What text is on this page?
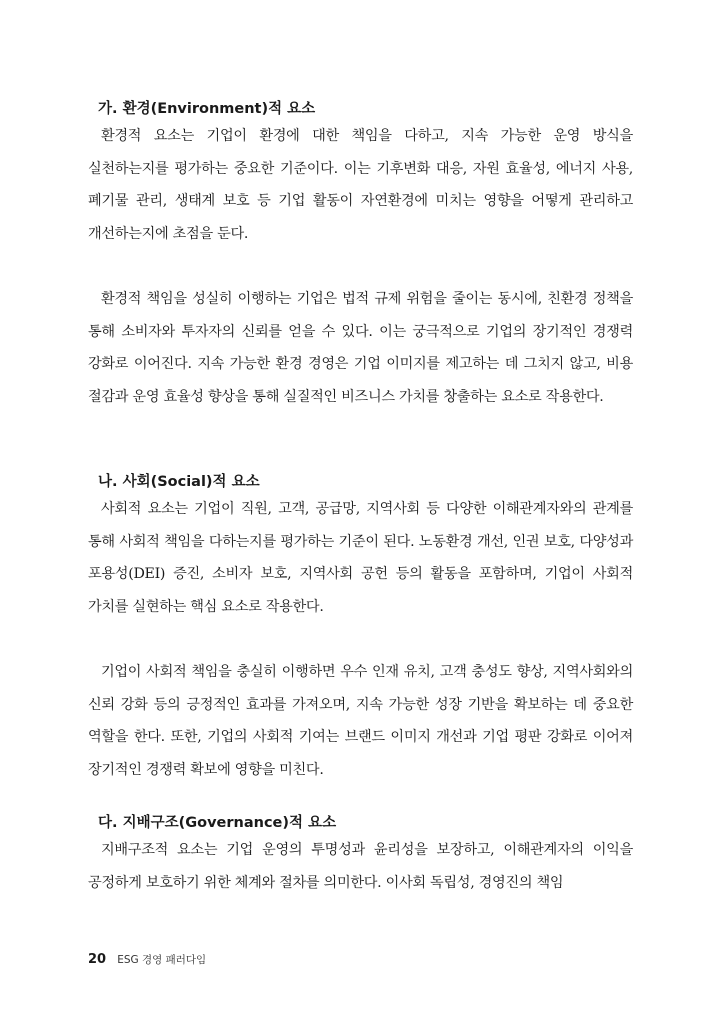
가. 환경(Environment)적 요소

환경적 요소는 기업이 환경에 대한 책임을 다하고, 지속 가능한 운영 방식을 실천하는지를 평가하는 중요한 기준이다. 이는 기후변화 대응, 자원 효율성, 에너지 사용, 폐기물 관리, 생태계 보호 등 기업 활동이 자연환경에 미치는 영향을 어떻게 관리하고 개선하는지에 초점을 둔다.

환경적 책임을 성실히 이행하는 기업은 법적 규제 위험을 줄이는 동시에, 친환경 정책을 통해 소비자와 투자자의 신뢰를 얻을 수 있다. 이는 궁극적으로 기업의 장기적인 경쟁력 강화로 이어진다. 지속 가능한 환경 경영은 기업 이미지를 제고하는 데 그치지 않고, 비용 절감과 운영 효율성 향상을 통해 실질적인 비즈니스 가치를 창출하는 요소로 작용한다.

나. 사회(Social)적 요소

사회적 요소는 기업이 직원, 고객, 공급망, 지역사회 등 다양한 이해관계자와의 관계를 통해 사회적 책임을 다하는지를 평가하는 기준이 된다. 노동환경 개선, 인권 보호, 다양성과 포용성(DEI) 증진, 소비자 보호, 지역사회 공헌 등의 활동을 포함하며, 기업이 사회적 가치를 실현하는 핵심 요소로 작용한다.

기업이 사회적 책임을 충실히 이행하면 우수 인재 유치, 고객 충성도 향상, 지역사회와의 신뢰 강화 등의 긍정적인 효과를 가져오며, 지속 가능한 성장 기반을 확보하는 데 중요한 역할을 한다. 또한, 기업의 사회적 기여는 브랜드 이미지 개선과 기업 평판 강화로 이어져 장기적인 경쟁력 확보에 영향을 미친다.

다. 지배구조(Governance)적 요소

지배구조적 요소는 기업 운영의 투명성과 윤리성을 보장하고, 이해관계자의 이익을 공정하게 보호하기 위한 체계와 절차를 의미한다. 이사회 독립성, 경영진의 책임

20 ESG 경영 패러다임
